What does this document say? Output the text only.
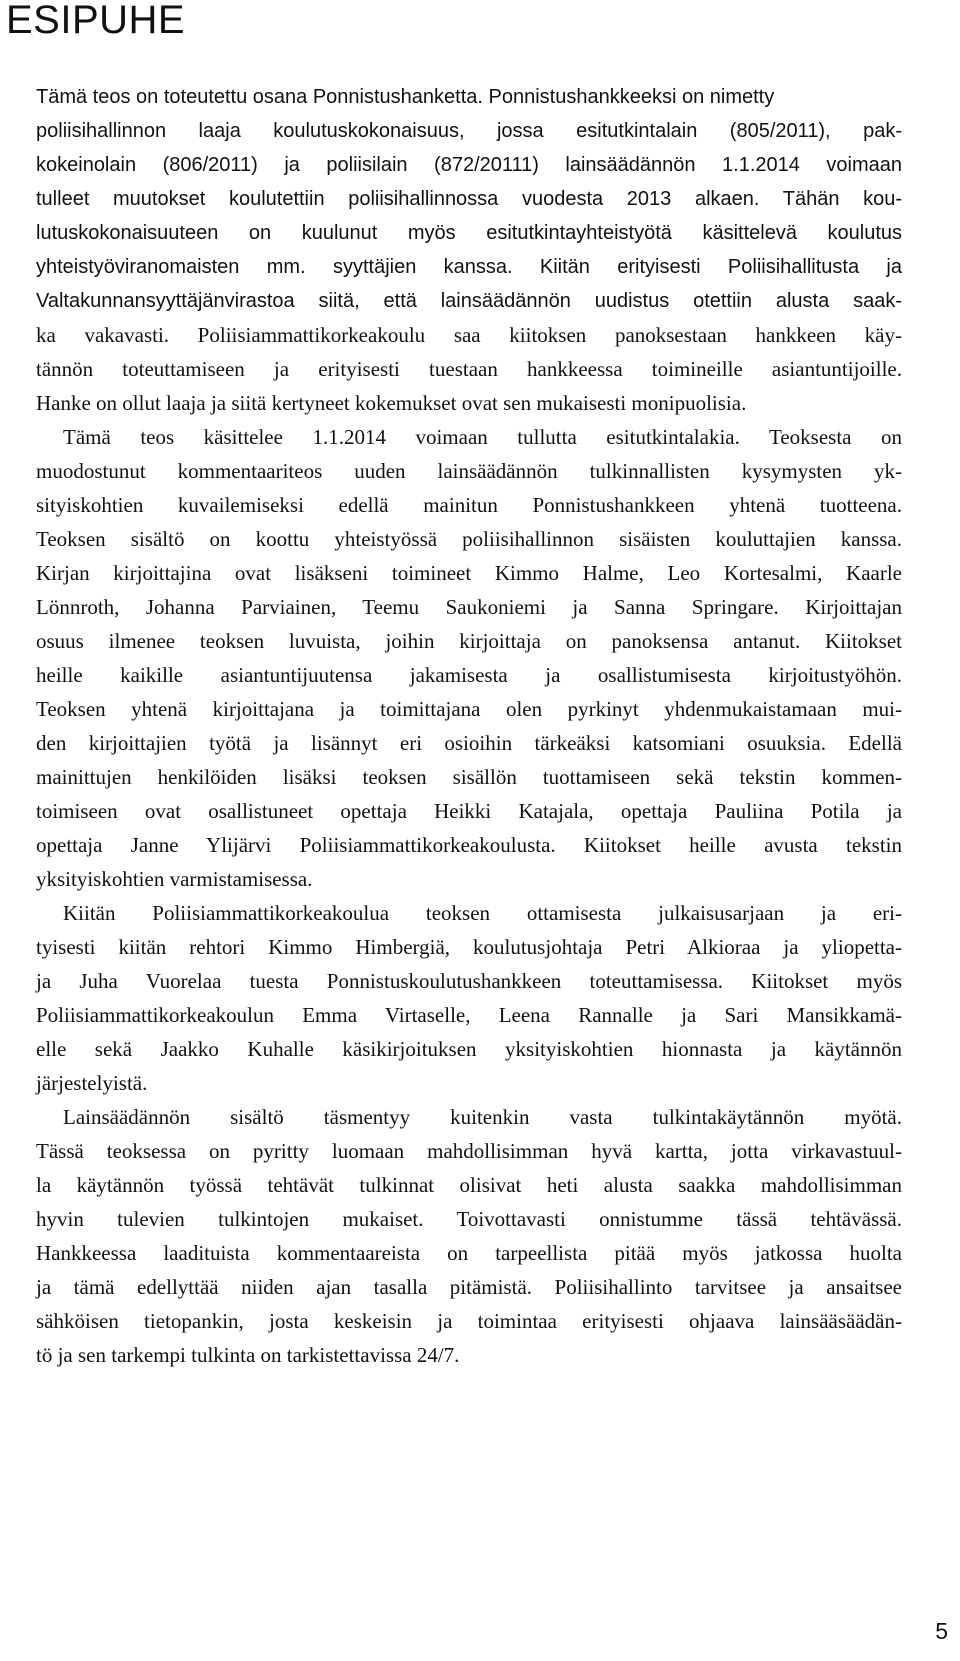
ESIPUHE
Tämä teos on toteutettu osana Ponnistushanketta. Ponnistushankkeeksi on nimetty
poliisihallinnon laaja koulutuskokonaisuus, jossa esitutkintalain (805/2011), pak-
kokeinolain (806/2011) ja poliisilain (872/20111) lainsäädännön 1.1.2014 voimaan
tulleet muutokset koulutettiin poliisihallinnossa vuodesta 2013 alkaen. Tähän kou-
lutuskokonaisuuteen on kuulunut myös esitutkintayhteistyötä käsittelevä koulutus
yhteistyöviranomaisten mm. syyttäjien kanssa. Kiitän erityisesti Poliisihallitusta ja
Valtakunnansyyttäjänvirastoa siitä, että lainsäädännön uudistus otettiin alusta saak-
ka vakavasti. Poliisiammattikorkeakoulu saa kiitoksen panoksestaan hankkeen käy-
tännön toteuttamiseen ja erityisesti tuestaan hankkeessa toimineille asiantuntijoille.
Hanke on ollut laaja ja siitä kertyneet kokemukset ovat sen mukaisesti monipuolisia.
Tämä teos käsittelee 1.1.2014 voimaan tullutta esitutkintalakia. Teoksesta on
muodostunut kommentaariteos uuden lainsäädännön tulkinnallisten kysymysten yk-
sityiskohtien kuvailemiseksi edellä mainitun Ponnistushankkeen yhtenä tuotteena.
Teoksen sisältö on koottu yhteistyössä poliisihallinnon sisäisten kouluttajien kanssa.
Kirjan kirjoittajina ovat lisäkseni toimineet Kimmo Halme, Leo Kortesalmi, Kaarle
Lönnroth, Johanna Parviainen, Teemu Saukoniemi ja Sanna Springare. Kirjoittajan
osuus ilmenee teoksen luvuista, joihin kirjoittaja on panoksensa antanut. Kiitokset
heille kaikille asiantuntijuutensa jakamisesta ja osallistumisesta kirjoitustyöhön.
Teoksen yhtenä kirjoittajana ja toimittajana olen pyrkinyt yhdenmukaistamaan mui-
den kirjoittajien työtä ja lisännyt eri osioihin tärkeäksi katsomiani osuuksia. Edellä
mainittujen henkilöiden lisäksi teoksen sisällön tuottamiseen sekä tekstin kommen-
toimiseen ovat osallistuneet opettaja Heikki Katajala, opettaja Pauliina Potila ja
opettaja Janne Ylijärvi Poliisiammattikorkeakoulusta. Kiitokset heille avusta tekstin
yksityiskohtien varmistamisessa.
Kiitän Poliisiammattikorkeakoulua teoksen ottamisesta julkaisusarjaan ja eri-
tyisesti kiitän rehtori Kimmo Himbergiä, koulutusjohtaja Petri Alkioraa ja yliopetta-
ja Juha Vuorelaa tuesta Ponnistuskoulutushankkeen toteuttamisessa. Kiitokset myös
Poliisiammattikorkeakoulun Emma Virtaselle, Leena Rannalle ja Sari Mansikkamä-
elle sekä Jaakko Kuhalle käsikirjoituksen yksityiskohtien hionnasta ja käytännön
järjestelyistä.
Lainsäädännön sisältö täsmentyy kuitenkin vasta tulkintakäytännön myötä.
Tässä teoksessa on pyritty luomaan mahdollisimman hyvä kartta, jotta virkavastuul-
la käytännön työssä tehtävät tulkinnat olisivat heti alusta saakka mahdollisimman
hyvin tulevien tulkintojen mukaiset. Toivottavasti onnistumme tässä tehtävässä.
Hankkeessa laadituista kommentaareista on tarpeellista pitää myös jatkossa huolta
ja tämä edellyttää niiden ajan tasalla pitämistä. Poliisihallinto tarvitsee ja ansaitsee
sähköisen tietopankin, josta keskeisin ja toimintaa erityisesti ohjaava lainsääsäädän-
tö ja sen tarkempi tulkinta on tarkistettavissa 24/7.
5
